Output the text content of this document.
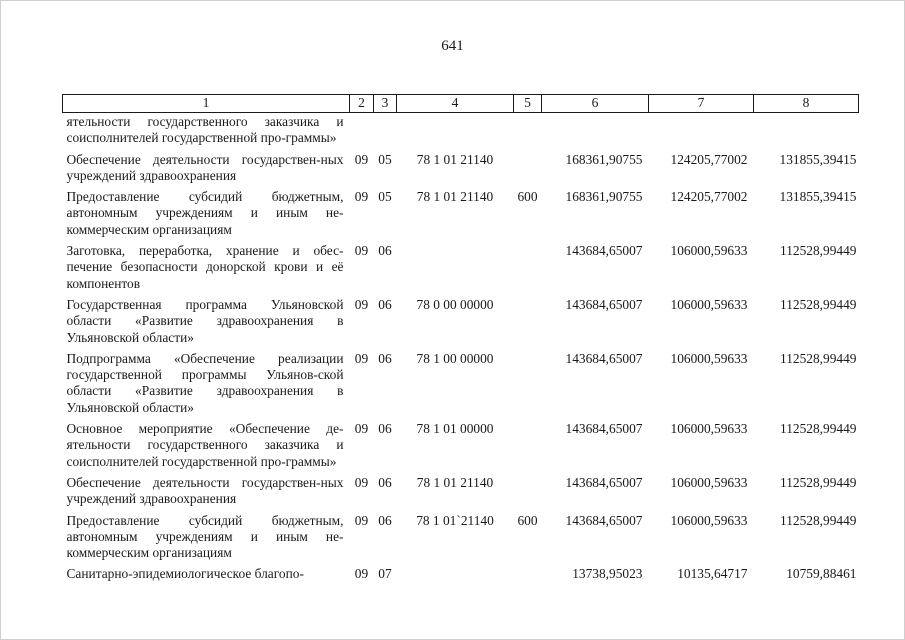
641
1	2	3	4	5	6	7	8
ятельности государственного заказчика и соисполнителей государственной про-граммы»							
Обеспечение деятельности государствен-ных учреждений здравоохранения	09	05	78 1 01 21140		168361,90755	124205,77002	131855,39415
Предоставление субсидий бюджетным, автономным учреждениям и иным не-коммерческим организациям	09	05	78 1 01 21140	600	168361,90755	124205,77002	131855,39415
Заготовка, переработка, хранение и обес-печение безопасности донорской крови и её компонентов	09	06			143684,65007	106000,59633	112528,99449
Государственная программа Ульяновской области «Развитие здравоохранения в Ульяновской области»	09	06	78 0 00 00000		143684,65007	106000,59633	112528,99449
Подпрограмма «Обеспечение реализации государственной программы Ульянов-ской области «Развитие здравоохранения в Ульяновской области»	09	06	78 1 00 00000		143684,65007	106000,59633	112528,99449
Основное мероприятие «Обеспечение де-ятельности государственного заказчика и соисполнителей государственной про-граммы»	09	06	78 1 01 00000		143684,65007	106000,59633	112528,99449
Обеспечение деятельности государствен-ных учреждений здравоохранения	09	06	78 1 01 21140		143684,65007	106000,59633	112528,99449
Предоставление субсидий бюджетным, автономным учреждениям и иным не-коммерческим организациям	09	06	78 1 01`21140	600	143684,65007	106000,59633	112528,99449
Санитарно-эпидемиологическое благопо-	09	07			13738,95023	10135,64717	10759,88461
